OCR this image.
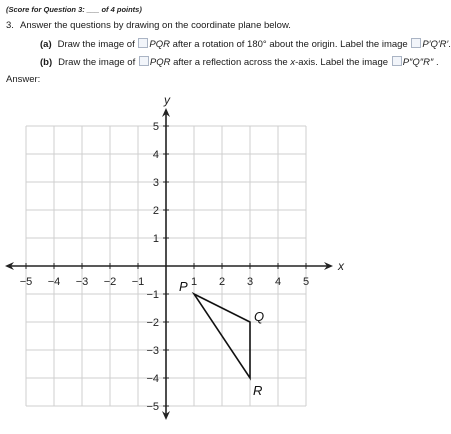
(Score for Question 3: ___ of 4 points)
3. Answer the questions by drawing on the coordinate plane below.
(a) Draw the image of PQR after a rotation of 180° about the origin. Label the image P′Q′R′.
(b) Draw the image of PQR after a reflection across the x-axis. Label the image P″Q″R″ .
Answer:
−5 −4 −3 −2 −1	1 2 3 4 5
5
4
3
2
1
−1
−2
−3
−4
−5
x
y
P
Q
R
